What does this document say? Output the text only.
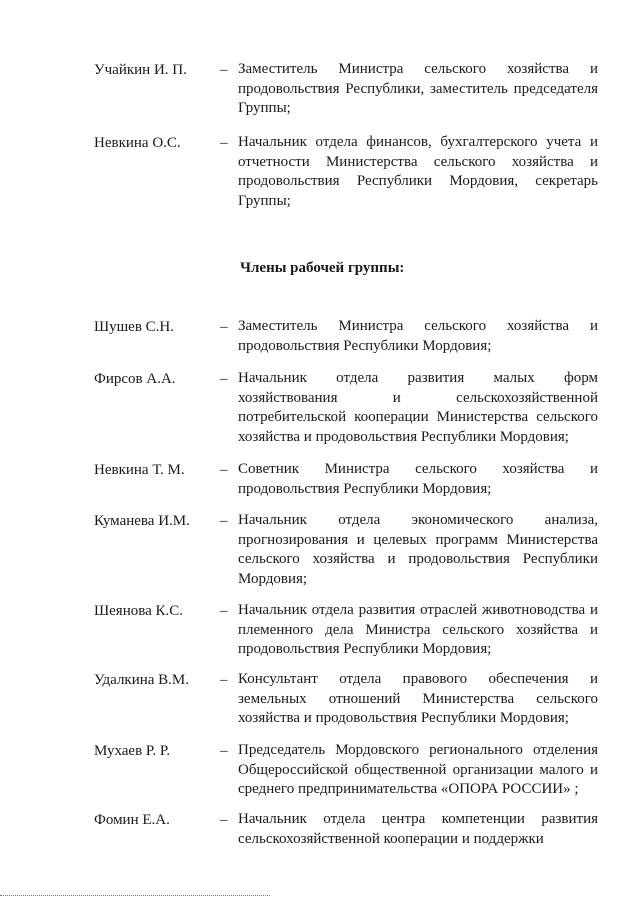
Учайкин И. П. – Заместитель Министра сельского хозяйства и продовольствия Республики, заместитель председателя Группы;
Невкина О.С.	– Начальник отдела финансов, бухгалтерского учета и отчетности Министерства сельского хозяйства и продовольствия Республики Мордовия, секретарь Группы;
Члены рабочей группы:
Шушев С.Н.	– Заместитель Министра сельского хозяйства и продовольствия Республики Мордовия;
Фирсов А.А.	– Начальник отдела развития малых форм хозяйствования и сельскохозяйственной потребительской кооперации Министерства сельского хозяйства и продовольствия Республики Мордовия;
Невкина Т. М. – Советник Министра сельского хозяйства и продовольствия Республики Мордовия;
Куманева И.М. – Начальник отдела экономического анализа, прогнозирования и целевых программ Министерства сельского хозяйства и продовольствия Республики Мордовия;
Шеянова К.С. – Начальник отдела развития отраслей животноводства и племенного дела Министра сельского хозяйства и продовольствия Республики Мордовия;
Удалкина В.М. – Консультант отдела правового обеспечения и земельных отношений Министерства сельского хозяйства и продовольствия Республики Мордовия;
Мухаев Р. Р.	– Председатель Мордовского регионального отделения Общероссийской общественной организации малого и среднего предпринимательства «ОПОРА РОССИИ» ;
Фомин Е.А.	– Начальник отдела центра компетенции развития сельскохозяйственной кооперации и поддержки
